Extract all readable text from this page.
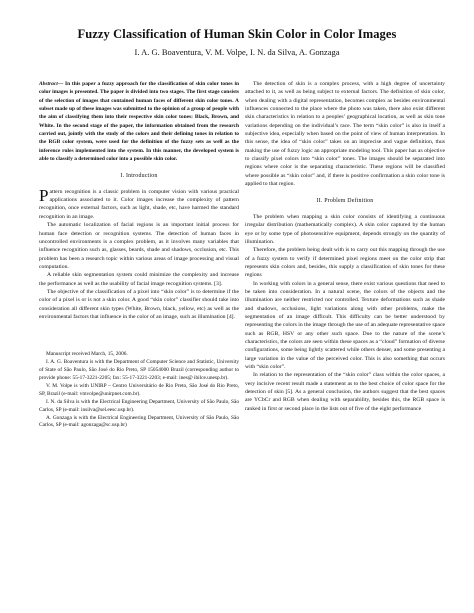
Fuzzy Classification of Human Skin Color in Color Images
I. A. G. Boaventura, V. M. Volpe, I. N. da Silva, A. Gonzaga

Abstract— In this paper a fuzzy approach for the classification of skin color tones in color images is presented. The paper is divided into two stages. The first stage consists of the selection of images that contained human faces of different skin color tones. A subset made up of these images was submitted to the opinion of a group of people with the aim of classifying them into their respective skin color tones: Black, Brown, and White. In the second stage of the paper, the information obtained from the research carried out, jointly with the study of the colors and their defining tones in relation to the RGB color system, were used for the definition of the fuzzy sets as well as the inference rules implemented into the system. In this manner, the developed system is able to classify a determined color into a possible skin color.

I. Introduction

Pattern recognition is a classic problem in computer vision with various practical applications associated to it. Color images increase the complexity of pattern recognition, once external factors, such as light, shade, etc, have harmed the standard recognition in an image.

The automatic localization of facial regions is an important initial process for human face detection or recognition systems. The detection of human faces in uncontrolled environments is a complex problem, as it involves many variables that influence recognition such as, glasses, beards, shade and shadows, occlusion, etc. This problem has been a research topic within various areas of image processing and visual computation.

A reliable skin segmentation system could minimize the complexity and increase the performance as well as the usability of facial image recognition systems. [3].

The objective of the classification of a pixel into “skin color” is to determine if the color of a pixel is or is not a skin color. A good “skin color” classifier should take into consideration all different skin types (White, Brown, black, yellow, etc) as well as the environmental factors that influence in the color of an image, such as illumination [4].

Manuscript received March, 15, 2006.

I. A. G. Boaventura is with the Department of Computer Science and Statistic, University of State of São Paulo, São José do Rio Preto, SP 15054000 Brazil (corresponding author to provide phone: 55-17-3221-2205; fax: 55-17-3221-2203; e-mail: ines@ ibilce.unesp.br).

V. M. Volpe is with UNIRP – Centro Universitário de Rio Preto, São José do Rio Preto, SP, Brazil (e-mail: vmvolpe@unirpnet.com.br).

I. N. da Silva is with the Electrical Engineering Department, University of São Paulo, São Carlos, SP (e-mail: insilva@sel.eesc.usp.br).

A. Gonzaga is with the Electrical Engineering Department, University of São Paulo, São Carlos, SP (e-mail: agonzaga@sc.usp.br)

The detection of skin is a complex process, with a high degree of uncertainty attached to it, as well as being subject to external factors. The definition of skin color, when dealing with a digital representation, becomes complex as besides environmental influences connected to the place where the photo was taken, there also exist different skin characteristics in relation to a peoples’ geographical location, as well as skin tone variations depending on the individual’s race. The term “skin color” is also in itself a subjective idea, especially when based on the point of view of human interpretation. In this sense, the idea of “skin color” takes on an imprecise and vague definition, thus making the use of fuzzy logic an appropriate modeling tool. This paper has as objective to classify pixel colors into “skin color” tones. The images should be separated into regions where color is the separating characteristic. These regions will be classified where possible as “skin color” and, if there is positive confirmation a skin color tone is applied to that region.

II. Problem Definition

The problem when mapping a skin color consists of identifying a continuous irregular distribution (mathematically complex). A skin color captured by the human eye or by some type of photosensitive equipment, depends strongly on the quantity of illumination.

Therefore, the problem being dealt with is to carry out this mapping through the use of a fuzzy system to verify if determined pixel regions meet on the color strip that represents skin colors and, besides, this supply a classification of skin tones for these regions

In working with colors in a general sense, there exist various questions that need to be taken into consideration. In a natural scene, the colors of the objects and the illumination are neither restricted nor controlled. Texture deformations such as shade and shadows, occlusions, light variations along with other problems, make the segmentation of an image difficult. This difficulty can be better understood by representing the colors in the image through the use of an adequate representative space such as RGB, HSV or any other such space. Due to the nature of the scene’s characteristics, the colors are seen within these spaces as a “cloud” formation of diverse configurations, some being lightly scattered while others denser, and some presenting a large variation in the value of the perceived color. This is also something that occurs with “skin color”.

In relation to the representation of the “skin color” class within the color spaces, a very incisive recent result made a statement as to the best choice of color space for the detection of skin [5]. As a general conclusion, the authors suggest that the best spaces are YCbCr and RGB when dealing with separability, besides this, the RGB space is ranked in first or second place in the lists out of five of the eight performance
